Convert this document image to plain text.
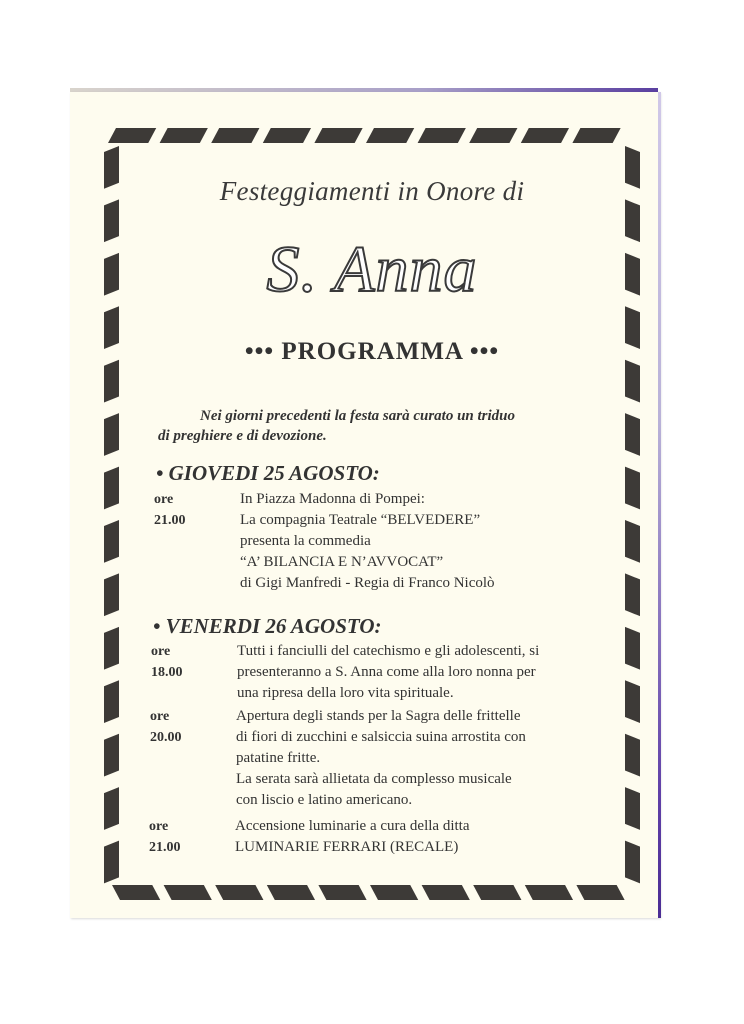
Festeggiamenti in Onore di
S. Anna
••• PROGRAMMA •••
Nei giorni precedenti la festa sarà curato un triduo
di preghiere e di devozione.
• GIOVEDI 25 AGOSTO:
ore 21.00
In Piazza Madonna di Pompei:
La compagnia Teatrale “BELVEDERE”
presenta la commedia
“A’ BILANCIA E N’AVVOCAT”
di Gigi Manfredi - Regia di Franco Nicolò
• VENERDI 26 AGOSTO:
ore 18.00
Tutti i fanciulli del catechismo e gli adolescenti, si
presenteranno a S. Anna come alla loro nonna per
una ripresa della loro vita spirituale.
ore 20.00
Apertura degli stands per la Sagra delle frittelle
di fiori di zucchini e salsiccia suina arrostita con
patatine fritte.
La serata sarà allietata da complesso musicale
con liscio e latino americano.
ore 21.00
Accensione luminarie a cura della ditta
LUMINARIE FERRARI (RECALE)
